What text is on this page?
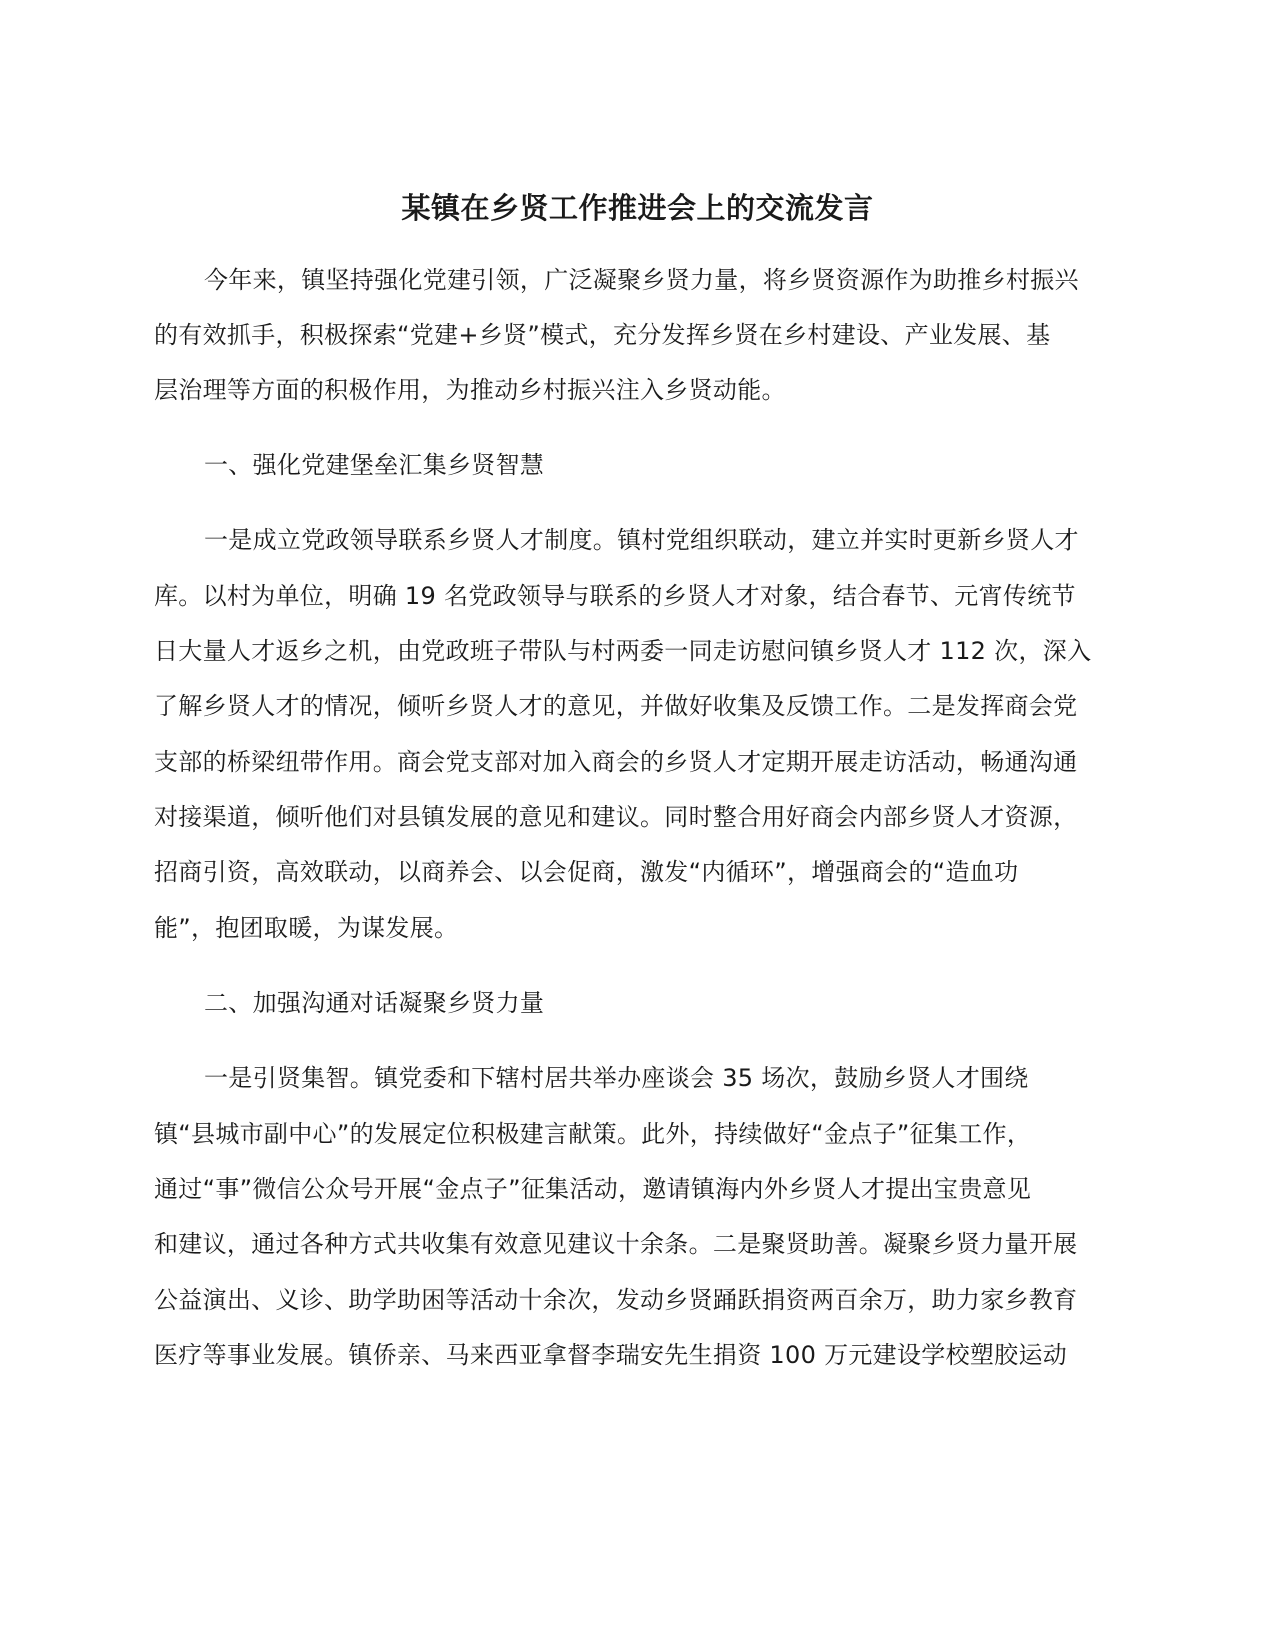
某镇在乡贤工作推进会上的交流发言
今年来，镇坚持强化党建引领，广泛凝聚乡贤力量，将乡贤资源作为助推乡村振兴
的有效抓手，积极探索“党建+乡贤”模式，充分发挥乡贤在乡村建设、产业发展、基
层治理等方面的积极作用，为推动乡村振兴注入乡贤动能。
一、强化党建堡垒汇集乡贤智慧
一是成立党政领导联系乡贤人才制度。镇村党组织联动，建立并实时更新乡贤人才
库。以村为单位，明确 19 名党政领导与联系的乡贤人才对象，结合春节、元宵传统节
日大量人才返乡之机，由党政班子带队与村两委一同走访慰问镇乡贤人才 112 次，深入
了解乡贤人才的情况，倾听乡贤人才的意见，并做好收集及反馈工作。二是发挥商会党
支部的桥梁纽带作用。商会党支部对加入商会的乡贤人才定期开展走访活动，畅通沟通
对接渠道，倾听他们对县镇发展的意见和建议。同时整合用好商会内部乡贤人才资源，
招商引资，高效联动，以商养会、以会促商，激发“内循环”，增强商会的“造血功
能”，抱团取暖，为谋发展。
二、加强沟通对话凝聚乡贤力量
一是引贤集智。镇党委和下辖村居共举办座谈会 35 场次，鼓励乡贤人才围绕
镇“县城市副中心”的发展定位积极建言献策。此外，持续做好“金点子”征集工作，
通过“事”微信公众号开展“金点子”征集活动，邀请镇海内外乡贤人才提出宝贵意见
和建议，通过各种方式共收集有效意见建议十余条。二是聚贤助善。凝聚乡贤力量开展
公益演出、义诊、助学助困等活动十余次，发动乡贤踊跃捐资两百余万，助力家乡教育
医疗等事业发展。镇侨亲、马来西亚拿督李瑞安先生捐资 100 万元建设学校塑胶运动
